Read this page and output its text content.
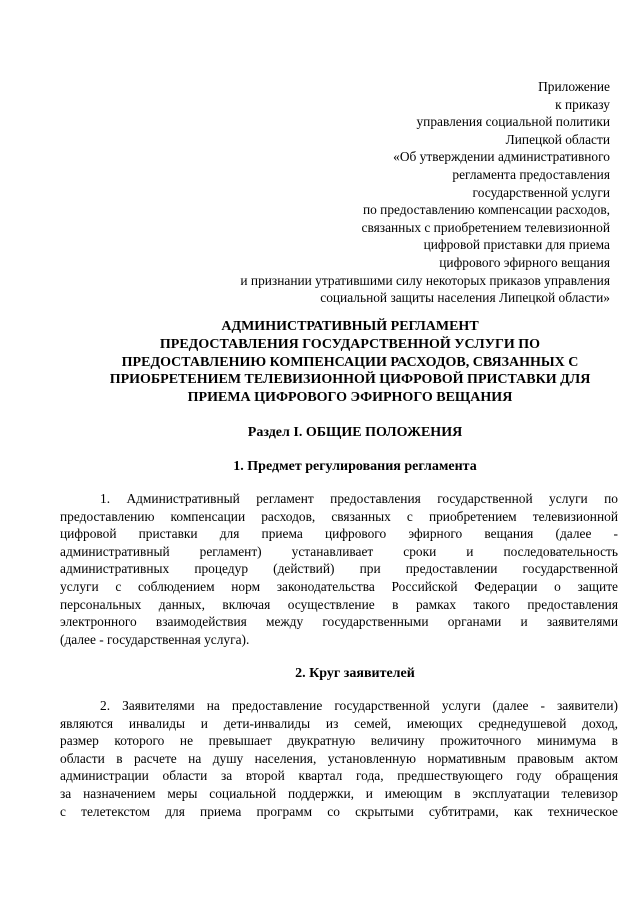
Приложение
к приказу
управления социальной политики
Липецкой области
«Об утверждении административного
регламента предоставления
государственной услуги
по предоставлению компенсации расходов,
связанных с приобретением телевизионной
цифровой приставки для приема
цифрового эфирного вещания
и признании утратившими силу некоторых приказов управления
социальной защиты населения Липецкой области»
АДМИНИСТРАТИВНЫЙ РЕГЛАМЕНТ
ПРЕДОСТАВЛЕНИЯ ГОСУДАРСТВЕННОЙ УСЛУГИ ПО
ПРЕДОСТАВЛЕНИЮ КОМПЕНСАЦИИ РАСХОДОВ, СВЯЗАННЫХ С
ПРИОБРЕТЕНИЕМ ТЕЛЕВИЗИОННОЙ ЦИФРОВОЙ ПРИСТАВКИ ДЛЯ
ПРИЕМА ЦИФРОВОГО ЭФИРНОГО ВЕЩАНИЯ
Раздел I. ОБЩИЕ ПОЛОЖЕНИЯ
1. Предмет регулирования регламента
1. Административный регламент предоставления государственной услуги по
предоставлению компенсации расходов, связанных с приобретением телевизионной
цифровой приставки для приема цифрового эфирного вещания (далее -
административный регламент) устанавливает сроки и последовательность
административных процедур (действий) при предоставлении государственной
услуги с соблюдением норм законодательства Российской Федерации о защите
персональных данных, включая осуществление в рамках такого предоставления
электронного взаимодействия между государственными органами и заявителями
(далее - государственная услуга).
2. Круг заявителей
2. Заявителями на предоставление государственной услуги (далее - заявители)
являются инвалиды и дети-инвалиды из семей, имеющих среднедушевой доход,
размер которого не превышает двукратную величину прожиточного минимума в
области в расчете на душу населения, установленную нормативным правовым актом
администрации области за второй квартал года, предшествующего году обращения
за назначением меры социальной поддержки, и имеющим в эксплуатации телевизор
с телетекстом для приема программ со скрытыми субтитрами, как техническое
